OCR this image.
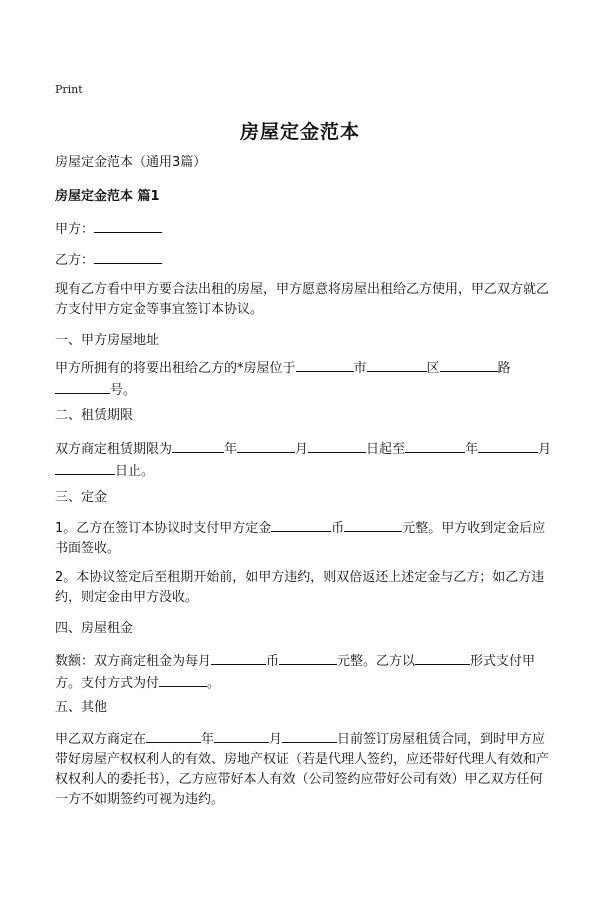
Print
房屋定金范本
房屋定金范本（通用3篇）
房屋定金范本 篇1
甲方：
乙方：
现有乙方看中甲方要合法出租的房屋，甲方愿意将房屋出租给乙方使用，甲乙双方就乙方支付甲方定金等事宜签订本协议。
一、甲方房屋地址
甲方所拥有的将要出租给乙方的*房屋位于	市	区	路号。
二、租赁期限
双方商定租赁期限为	年	月	日起至	年	月日止。
三、定金
1。乙方在签订本协议时支付甲方定金	币	元整。甲方收到定金后应书面签收。
2。本协议签定后至租期开始前，如甲方违约，则双倍返还上述定金与乙方；如乙方违约，则定金由甲方没收。
四、房屋租金
数额：双方商定租金为每月	币	元整。乙方以	形式支付甲方。支付方式为付	。
五、其他
甲乙双方商定在	年	月	日前签订房屋租赁合同，到时甲方应带好房屋产权权利人的有效、房地产权证（若是代理人签约，应还带好代理人有效和产权权利人的委托书），乙方应带好本人有效（公司签约应带好公司有效）甲乙双方任何一方不如期签约可视为违约。
